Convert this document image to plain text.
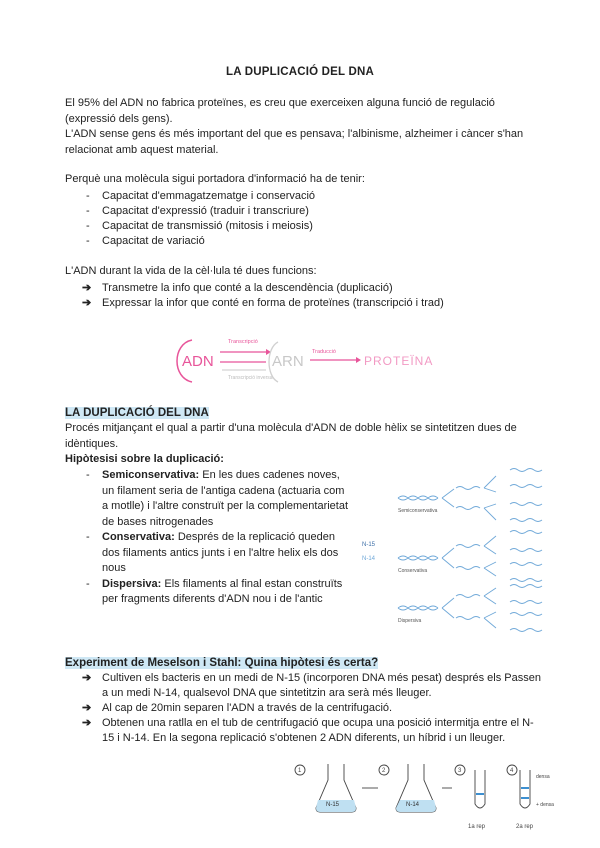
LA DUPLICACIÓ DEL DNA

El 95% del ADN no fabrica proteïnes, es creu que exerceixen alguna funció de regulació (expressió dels gens).

L'ADN sense gens és més important del que es pensava; l'albinisme, alzheimer i càncer s'han relacionat amb aquest material.

Perquè una molècula sigui portadora d'informació ha de tenir:

- Capacitat d'emmagatzematge i conservació
- Capacitat d'expressió (traduir i transcriure)
- Capacitat de transmissió (mitosis i meiosis)
- Capacitat de variació

L'ADN durant la vida de la cèl·lula té dues funcions:

➔ Transmetre la info que conté a la descendència (duplicació)
➔ Expressar la infor que conté en forma de proteïnes (transcripció i trad)
ADN
Transcripció
Transcripció inversa
ARN
Traducció
PROTEÏNA
LA DUPLICACIÓ DEL DNA

Procés mitjançant el qual a partir d'una molècula d'ADN de doble hèlix se sintetitzen dues de idèntiques.

Hipòtesisi sobre la duplicació:

- Semiconservativa: En les dues cadenes noves, un filament seria de l'antiga cadena (actuaria com a motlle) i l'altre construït per la complementarietat de bases nitrogenades
- Conservativa: Després de la replicació queden dos filaments antics junts i en l'altre helix els dos nous
- Dispersiva: Els filaments al final estan construïts per fragments diferents d'ADN nou i de l'antic
Semiconservativa
Conservativa
Dispersiva
N-15
N-14
Experiment de Meselson i Stahl: Quina hipòtesi és certa?
➔ Cultiven els bacteris en un medi de N-15 (incorporen DNA més pesat) després els Passen a un medi N-14, qualsevol DNA que sintetitzin ara serà més lleuger.
➔ Al cap de 20min separen l'ADN a través de la centrifugació.
➔ Obtenen una ratlla en el tub de centrifugació que ocupa una posició intermitja entre el N-15 i N-14. En la segona replicació s'obtenen 2 ADN diferents, un híbrid i un lleuger.
1	2	3	4
N-15	N-14
densa
+ densa
1a rep	2a rep
